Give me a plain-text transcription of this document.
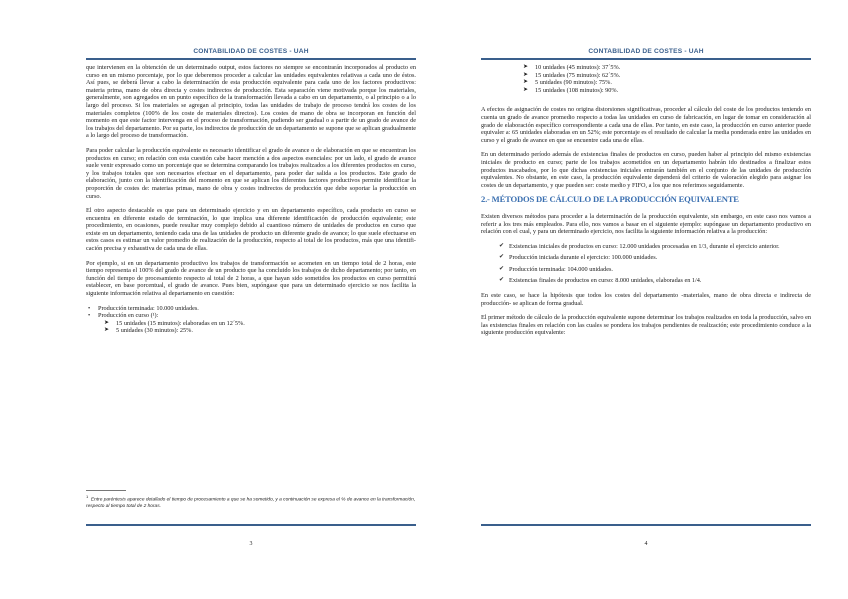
CONTABILIDAD DE COSTES - UAH

que intervienen en la obtención de un determinado output, estos factores no siempre se encontrarán incorporados al producto en curso en un mismo porcentaje, por lo que deberemos proceder a calcular las unidades equivalentes relativas a cada uno de éstos. Así pues, se deberá llevar a cabo la determinación de esta producción equivalente para cada uno de los factores productivos: materia prima, mano de obra directa y costes indirectos de producción. Esta separación viene motivada porque los materiales, generalmente, son agregados en un punto específico de la transformación llevada a cabo en un departamento, o al principio o a lo largo del proceso. Si los materiales se agregan al principio, todas las unidades de trabajo de proceso tendrá los costes de los materiales completos (100% de los coste de materiales directos). Los costes de mano de obra se incorporan en función del momento en que este factor intervenga en el proceso de transformación, pudiendo ser gradual o a partir de un grado de avance de los trabajos del departamento. Por su parte, los indirectos de producción de un departamento se supone que se aplican gradualmente a lo largo del proceso de transformación.

Para poder calcular la producción equivalente es necesario identificar el grado de avance o de elaboración en que se encuentran los productos en curso; en relación con esta cuestión cabe hacer mención a dos aspectos esenciales: por un lado, el grado de avance suele venir expresado como un porcentaje que se determina comparando los trabajos realizados a los diferentes productos en curso, y los trabajos totales que son necesarios efectuar en el departamento, para poder dar salida a los productos. Este grado de elaboración, junto con la identificación del momento en que se aplican los diferentes factores productivos permite identificar la proporción de costes de: materias primas, mano de obra y costes indirectos de producción que debe soportar la producción en curso.

El otro aspecto destacable es que para un determinado ejercicio y en un departamento específico, cada producto en curso se encuentra en diferente estado de terminación, lo que implica una diferente identificación de producción equivalente; este procedimiento, en ocasiones, puede resultar muy complejo debido al cuantioso número de unidades de productos en curso que existe en un departamento, teniendo cada una de las unidades de producto un diferente grado de avance; lo que suele efectuarse en estos casos es estimar un valor promedio de realización de la producción, respecto al total de los productos, más que una identificación precisa y exhaustiva de cada una de ellas.

Por ejemplo, si en un departamento productivo los trabajos de transformación se acometen en un tiempo total de 2 horas, este tiempo representa el 100% del grado de avance de un producto que ha concluido los trabajos de dicho departamento; por tanto, en función del tiempo de procesamiento respecto al total de 2 horas, a que hayan sido sometidos los productos en curso permitirá establecer, en base porcentual, el grado de avance. Pues bien, supóngase que para un determinado ejercicio se nos facilita la siguiente información relativa al departamento en cuestión:

• Producción terminada: 10.000 unidades.
• Producción en curso (¹):
➤ 15 unidades (15 minutos): elaboradas en un 12´5%.
➤ 5 unidades (30 minutos): 25%.
$^1$  Entre paréntesis aparece detallado el tiempo de procesamiento a que se ha sometido, y a continuación se expresa el % de avance en la transformación, respecto al tiempo total de 2 horas.
3
CONTABILIDAD DE COSTES - UAH
➤ 10 unidades (45 minutos): 37´5%.
➤ 15 unidades (75 minutos): 62´5%.
➤ 5 unidades (90 minutos): 75%.
➤ 15 unidades (108 minutos): 90%.

A efectos de asignación de costes no origina distorsiones significativas, proceder al cálculo del coste de los productos teniendo en cuenta un grado de avance promedio respecto a todas las unidades en curso de fabricación, en lugar de tomar en consideración al grado de elaboración específico correspondiente a cada una de ellas. Por tanto, en este caso, la producción en curso anterior puede equivaler a: 65 unidades elaboradas en un 52%; este porcentaje es el resultado de calcular la media ponderada entre las unidades en curso y el grado de avance en que se encuentre cada una de ellas.

En un determinado período además de existencias finales de productos en curso, pueden haber al principio del mismo existencias iniciales de producto en curso; parte de los trabajos acometidos en un departamento habrán ido destinados a finalizar estos productos inacabados, por lo que dichas existencias iniciales entrarán también en el conjunto de las unidades de producción equivalentes. No obstante, en este caso, la producción equivalente dependerá del criterio de valoración elegido para asignar los costes de un departamento, y que pueden ser: coste medio y FIFO, a los que nos referimos seguidamente.

2.- MÉTODOS DE CÁLCULO DE LA PRODUCCIÓN EQUIVALENTE

Existen diversos métodos para proceder a la determinación de la producción equivalente, sin embargo, en este caso nos vamos a referir a los tres más empleados. Para ello, nos vamos a basar en el siguiente ejemplo: supóngase un departamento productivo en relación con el cual, y para un determinado ejercicio, nos facilita la siguiente información relativa a la producción:

✔ Existencias iniciales de productos en curso: 12.000 unidades procesadas en 1/3, durante el ejercicio anterior.
✔ Producción iniciada durante el ejercicio: 100.000 unidades.
✔ Producción terminada: 104.000 unidades.
✔ Existencias finales de productos en curso: 8.000 unidades, elaboradas en 1/4.

En este caso, se hace la hipótesis que todos los costes del departamento -materiales, mano de obra directa e indirecta de producción- se aplican de forma gradual.

El primer método de cálculo de la producción equivalente supone determinar los trabajos realizados en toda la producción, salvo en las existencias finales en relación con las cuales se pondera los trabajos pendientes de realización; este procedimiento conduce a la siguiente producción equivalente:

4
